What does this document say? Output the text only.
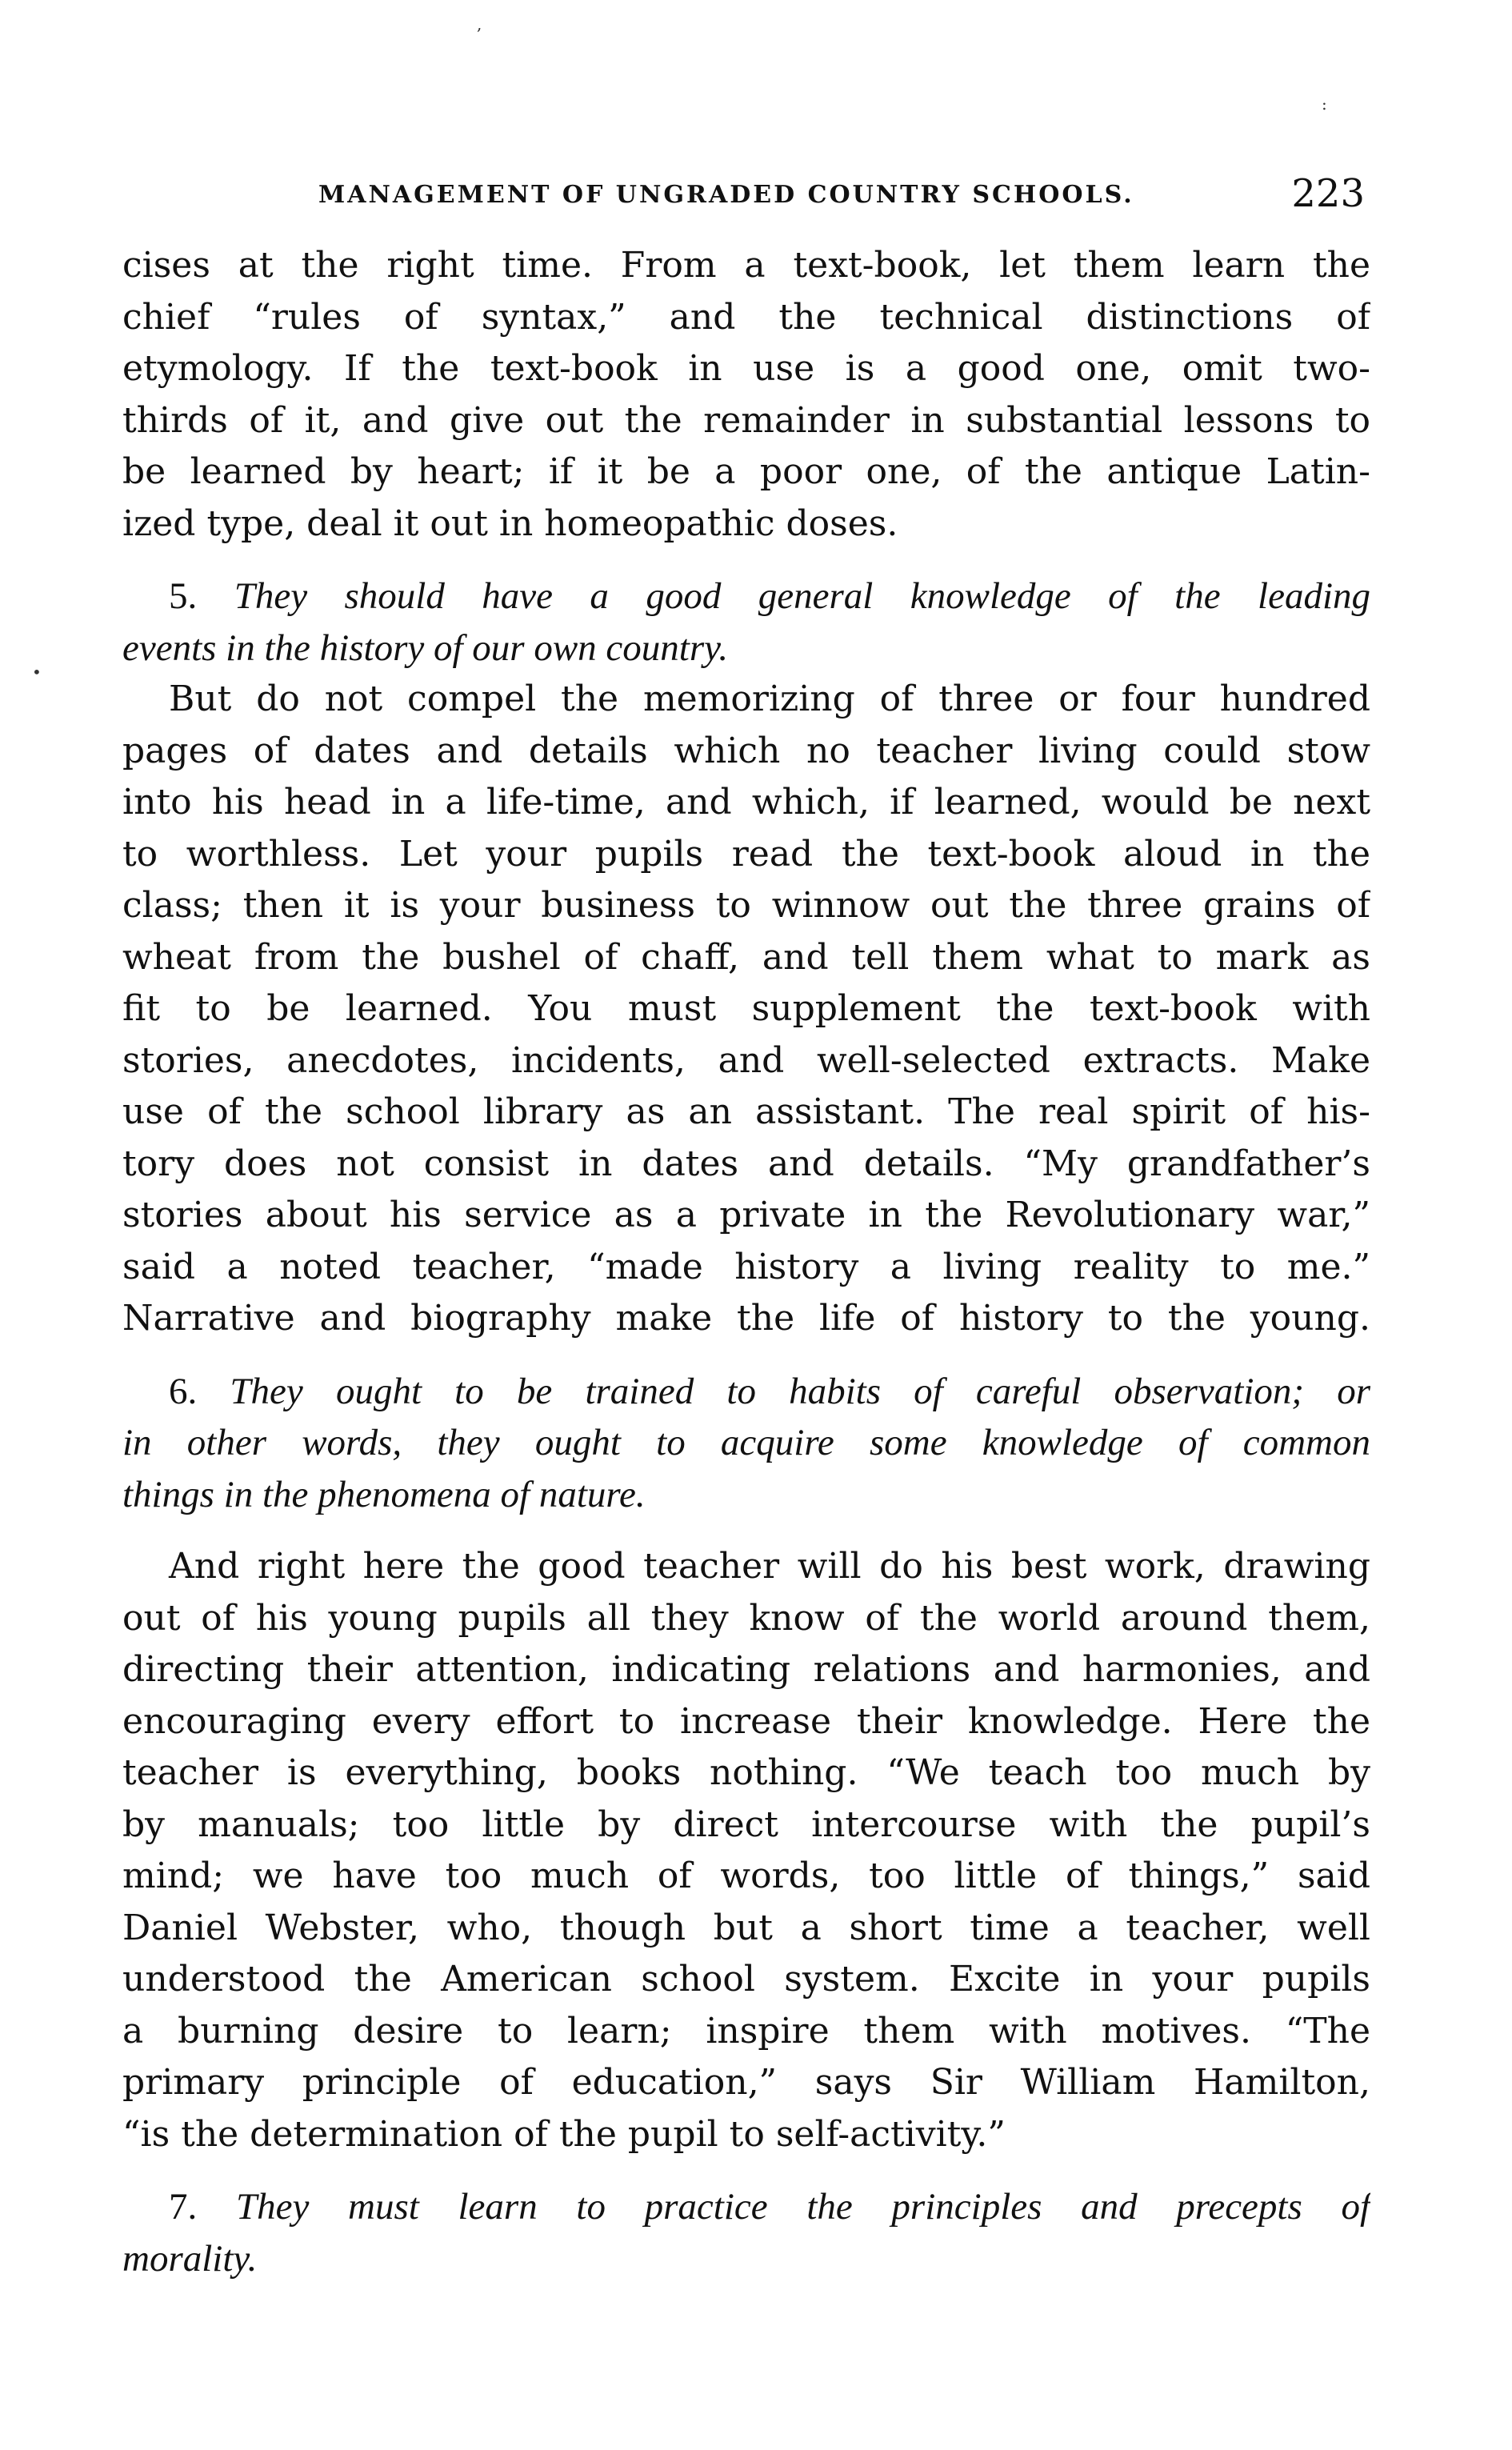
,
:
•
MANAGEMENT OF UNGRADED COUNTRY SCHOOLS.	223
cises at the right time. From a text-book, let them learn the
chief “rules of syntax,” and the technical distinctions of
etymology. If the text-book in use is a good one, omit two-
thirds of it, and give out the remainder in substantial lessons to
be learned by heart; if it be a poor one, of the antique Latin-
ized type, deal it out in homeopathic doses.
5. They should have a good general knowledge of the leading
events in the history of our own country.
But do not compel the memorizing of three or four hundred
pages of dates and details which no teacher living could stow
into his head in a life-time, and which, if learned, would be next
to worthless. Let your pupils read the text-book aloud in the
class; then it is your business to winnow out the three grains of
wheat from the bushel of chaff, and tell them what to mark as
fit to be learned. You must supplement the text-book with
stories, anecdotes, incidents, and well-selected extracts. Make
use of the school library as an assistant. The real spirit of his-
tory does not consist in dates and details. “My grandfather’s
stories about his service as a private in the Revolutionary war,”
said a noted teacher, “made history a living reality to me.”
Narrative and biography make the life of history to the young.
6. They ought to be trained to habits of careful observation; or
in other words, they ought to acquire some knowledge of common
things in the phenomena of nature.
And right here the good teacher will do his best work, drawing
out of his young pupils all they know of the world around them,
directing their attention, indicating relations and harmonies, and
encouraging every effort to increase their knowledge. Here the
teacher is everything, books nothing. “We teach too much by
by manuals; too little by direct intercourse with the pupil’s
mind; we have too much of words, too little of things,” said
Daniel Webster, who, though but a short time a teacher, well
understood the American school system. Excite in your pupils
a burning desire to learn; inspire them with motives. “The
primary principle of education,” says Sir William Hamilton,
“is the determination of the pupil to self-activity.”
7. They must learn to practice the principles and precepts of
morality.
